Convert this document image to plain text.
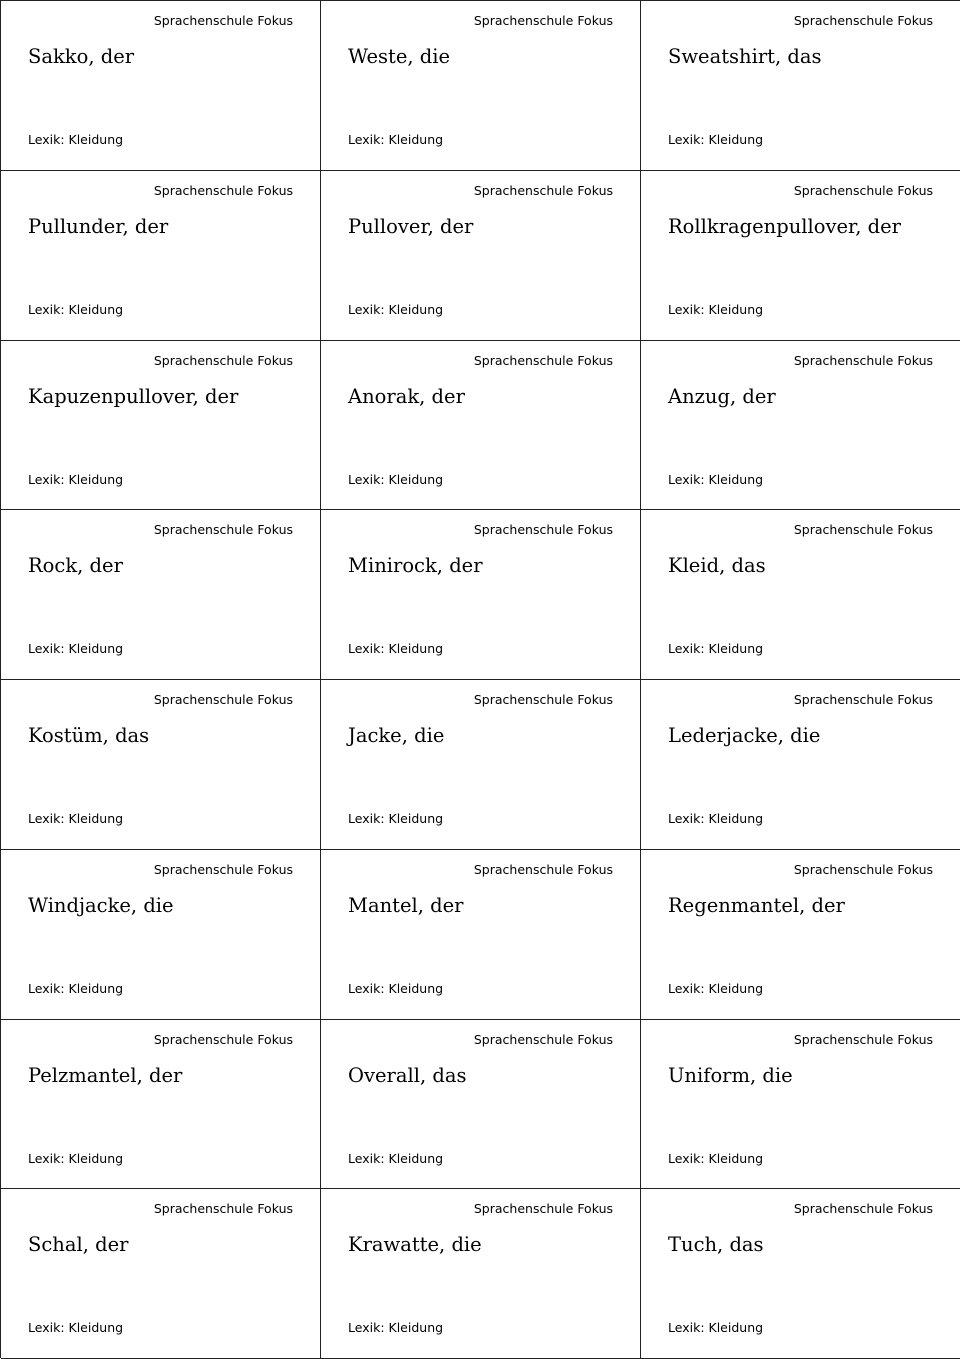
Sprachenschule Fokus
Sakko, der
Lexik: Kleidung
Sprachenschule Fokus
Weste, die
Lexik: Kleidung
Sprachenschule Fokus
Sweatshirt, das
Lexik: Kleidung
Sprachenschule Fokus
Pullunder, der
Lexik: Kleidung
Sprachenschule Fokus
Pullover, der
Lexik: Kleidung
Sprachenschule Fokus
Rollkragenpullover, der
Lexik: Kleidung
Sprachenschule Fokus
Kapuzenpullover, der
Lexik: Kleidung
Sprachenschule Fokus
Anorak, der
Lexik: Kleidung
Sprachenschule Fokus
Anzug, der
Lexik: Kleidung
Sprachenschule Fokus
Rock, der
Lexik: Kleidung
Sprachenschule Fokus
Minirock, der
Lexik: Kleidung
Sprachenschule Fokus
Kleid, das
Lexik: Kleidung
Sprachenschule Fokus
Kostüm, das
Lexik: Kleidung
Sprachenschule Fokus
Jacke, die
Lexik: Kleidung
Sprachenschule Fokus
Lederjacke, die
Lexik: Kleidung
Sprachenschule Fokus
Windjacke, die
Lexik: Kleidung
Sprachenschule Fokus
Mantel, der
Lexik: Kleidung
Sprachenschule Fokus
Regenmantel, der
Lexik: Kleidung
Sprachenschule Fokus
Pelzmantel, der
Lexik: Kleidung
Sprachenschule Fokus
Overall, das
Lexik: Kleidung
Sprachenschule Fokus
Uniform, die
Lexik: Kleidung
Sprachenschule Fokus
Schal, der
Lexik: Kleidung
Sprachenschule Fokus
Krawatte, die
Lexik: Kleidung
Sprachenschule Fokus
Tuch, das
Lexik: Kleidung
